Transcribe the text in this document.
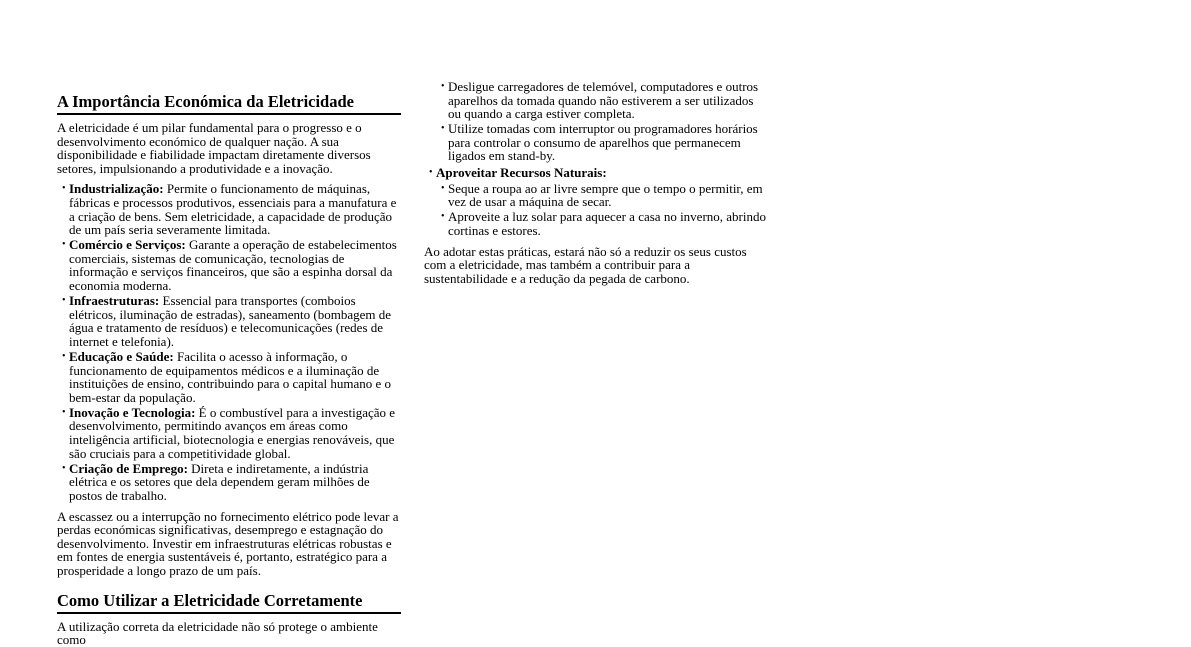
A Importância Económica da Eletricidade

A eletricidade é um pilar fundamental para o progresso e o desenvolvimento económico de qualquer nação. A sua disponibilidade e fiabilidade impactam diretamente diversos setores, impulsionando a produtividade e a inovação.

• Industrialização: Permite o funcionamento de máquinas, fábricas e processos produtivos, essenciais para a manufatura e a criação de bens. Sem eletricidade, a capacidade de produção de um país seria severamente limitada.
• Comércio e Serviços: Garante a operação de estabelecimentos comerciais, sistemas de comunicação, tecnologias de informação e serviços financeiros, que são a espinha dorsal da economia moderna.
• Infraestruturas: Essencial para transportes (comboios elétricos, iluminação de estradas), saneamento (bombagem de água e tratamento de resíduos) e telecomunicações (redes de internet e telefonia).
• Educação e Saúde: Facilita o acesso à informação, o funcionamento de equipamentos médicos e a iluminação de instituições de ensino, contribuindo para o capital humano e o bem-estar da população.
• Inovação e Tecnologia: É o combustível para a investigação e desenvolvimento, permitindo avanços em áreas como inteligência artificial, biotecnologia e energias renováveis, que são cruciais para a competitividade global.
• Criação de Emprego: Direta e indiretamente, a indústria elétrica e os setores que dela dependem geram milhões de postos de trabalho.

A escassez ou a interrupção no fornecimento elétrico pode levar a perdas económicas significativas, desemprego e estagnação do desenvolvimento. Investir em infraestruturas elétricas robustas e em fontes de energia sustentáveis é, portanto, estratégico para a prosperidade a longo prazo de um país.

Como Utilizar a Eletricidade Corretamente

A utilização correta da eletricidade não só protege o ambiente como

• Desligue carregadores de telemóvel, computadores e outros aparelhos da tomada quando não estiverem a ser utilizados ou quando a carga estiver completa.
• Utilize tomadas com interruptor ou programadores horários para controlar o consumo de aparelhos que permanecem ligados em stand-by.
• Aproveitar Recursos Naturais:
• Seque a roupa ao ar livre sempre que o tempo o permitir, em vez de usar a máquina de secar.
• Aproveite a luz solar para aquecer a casa no inverno, abrindo cortinas e estores.

Ao adotar estas práticas, estará não só a reduzir os seus custos com a eletricidade, mas também a contribuir para a sustentabilidade e a redução da pegada de carbono.
